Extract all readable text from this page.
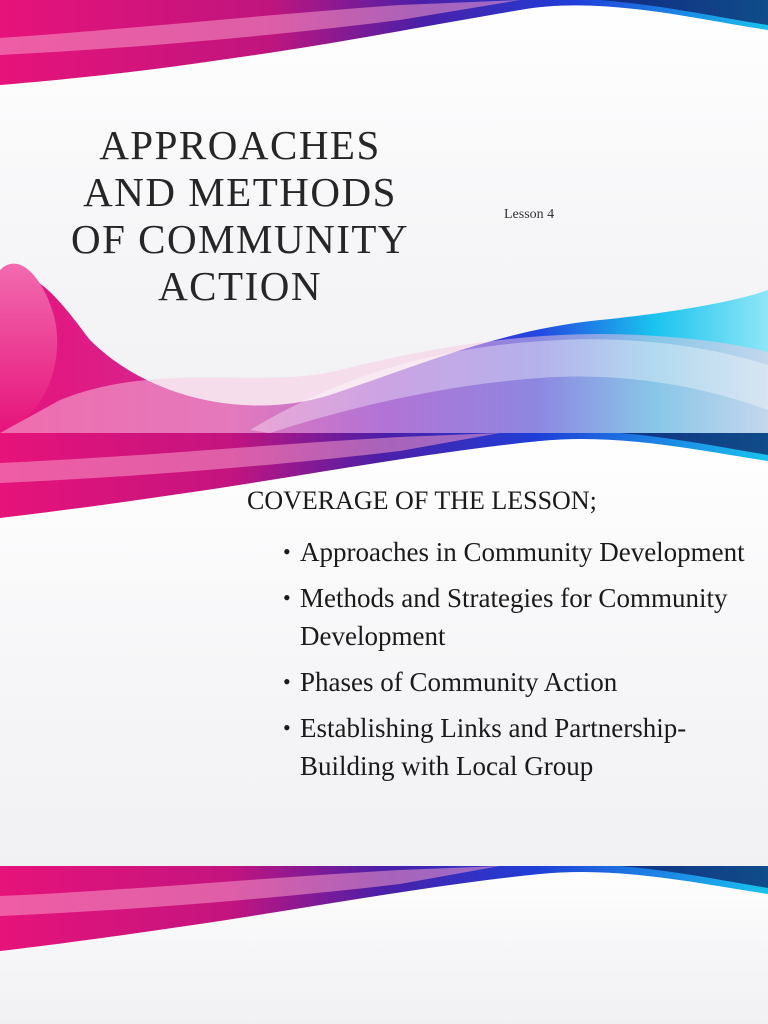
APPROACHES AND METHODS OF COMMUNITY ACTION
Lesson 4
COVERAGE OF THE LESSON;
• Approaches in Community Development
• Methods and Strategies for Community Development
• Phases of Community Action
• Establishing Links and Partnership-Building with Local Group
